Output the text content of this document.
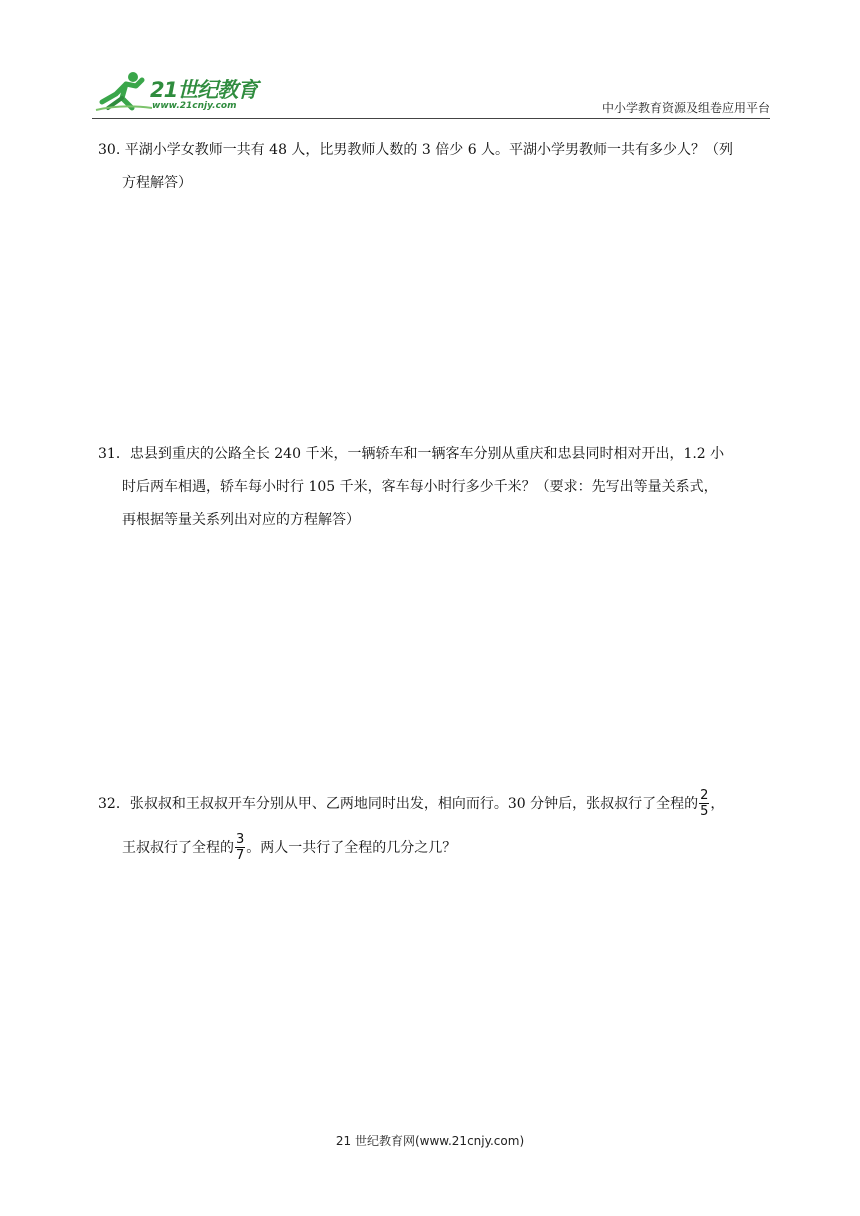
21世纪教育
www.21cnjy.com	中小学教育资源及组卷应用平台
30. 平湖小学女教师一共有 48 人，比男教师人数的 3 倍少 6 人。平湖小学男教师一共有多少人？（列
方程解答）
31．忠县到重庆的公路全长 240 千米，一辆轿车和一辆客车分别从重庆和忠县同时相对开出，1.2 小
时后两车相遇，轿车每小时行 105 千米，客车每小时行多少千米？（要求：先写出等量关系式，
再根据等量关系列出对应的方程解答）
32．张叔叔和王叔叔开车分别从甲、乙两地同时出发，相向而行。30 分钟后，张叔叔行了全程的 $\frac{2}{5}$ ，
王叔叔行了全程的 $\frac{3}{7}$ 。两人一共行了全程的几分之几？
21 世纪教育网(www.21cnjy.com)
